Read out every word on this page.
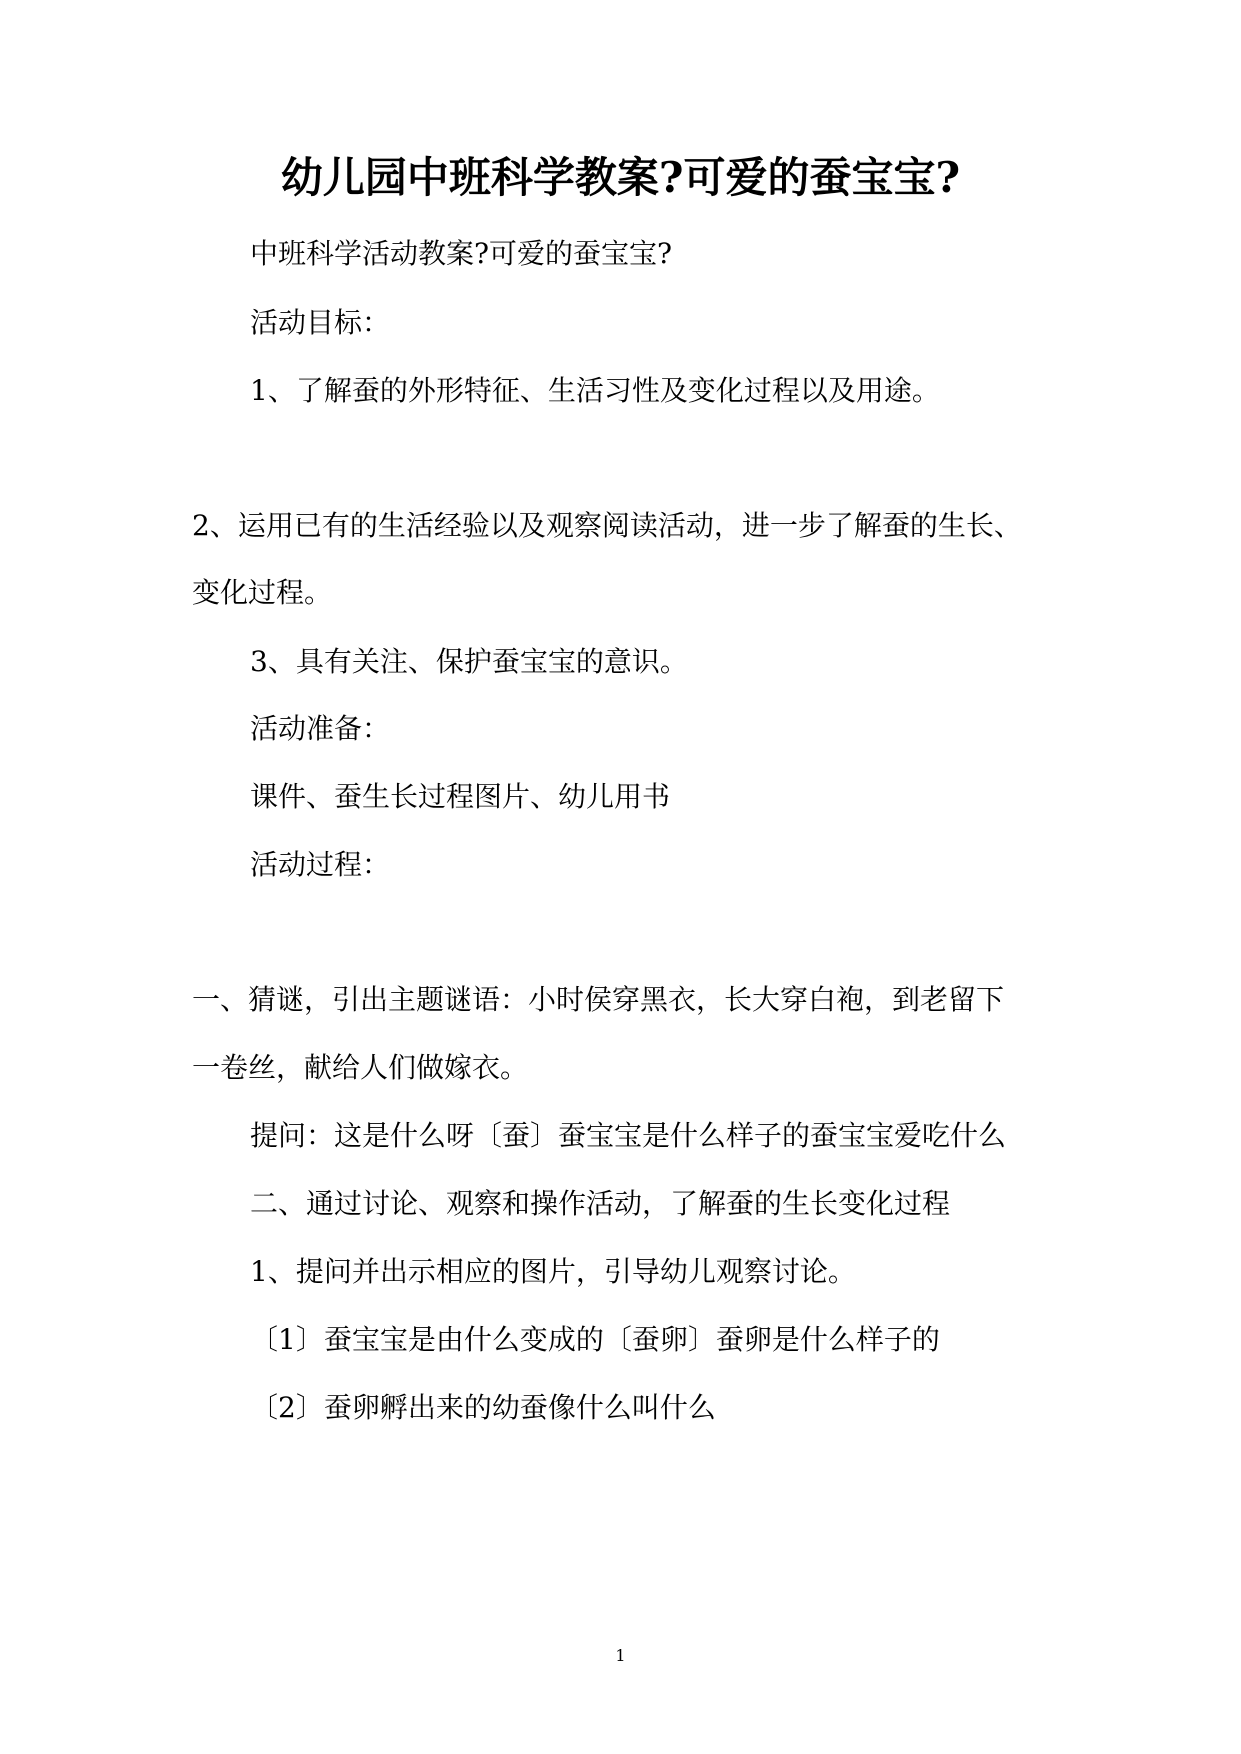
幼儿园中班科学教案?可爱的蚕宝宝?
中班科学活动教案?可爱的蚕宝宝?
活动目标：
1、了解蚕的外形特征、生活习性及变化过程以及用途。
2、运用已有的生活经验以及观察阅读活动，进一步了解蚕的生长、
变化过程。
3、具有关注、保护蚕宝宝的意识。
活动准备：
课件、蚕生长过程图片、幼儿用书
活动过程：
一、猜谜，引出主题谜语：小时侯穿黑衣，长大穿白袍，到老留下
一卷丝，献给人们做嫁衣。
提问：这是什么呀〔蚕〕蚕宝宝是什么样子的蚕宝宝爱吃什么
二、通过讨论、观察和操作活动，了解蚕的生长变化过程
1、提问并出示相应的图片，引导幼儿观察讨论。
〔1〕蚕宝宝是由什么变成的〔蚕卵〕蚕卵是什么样子的
〔2〕蚕卵孵出来的幼蚕像什么叫什么
1
